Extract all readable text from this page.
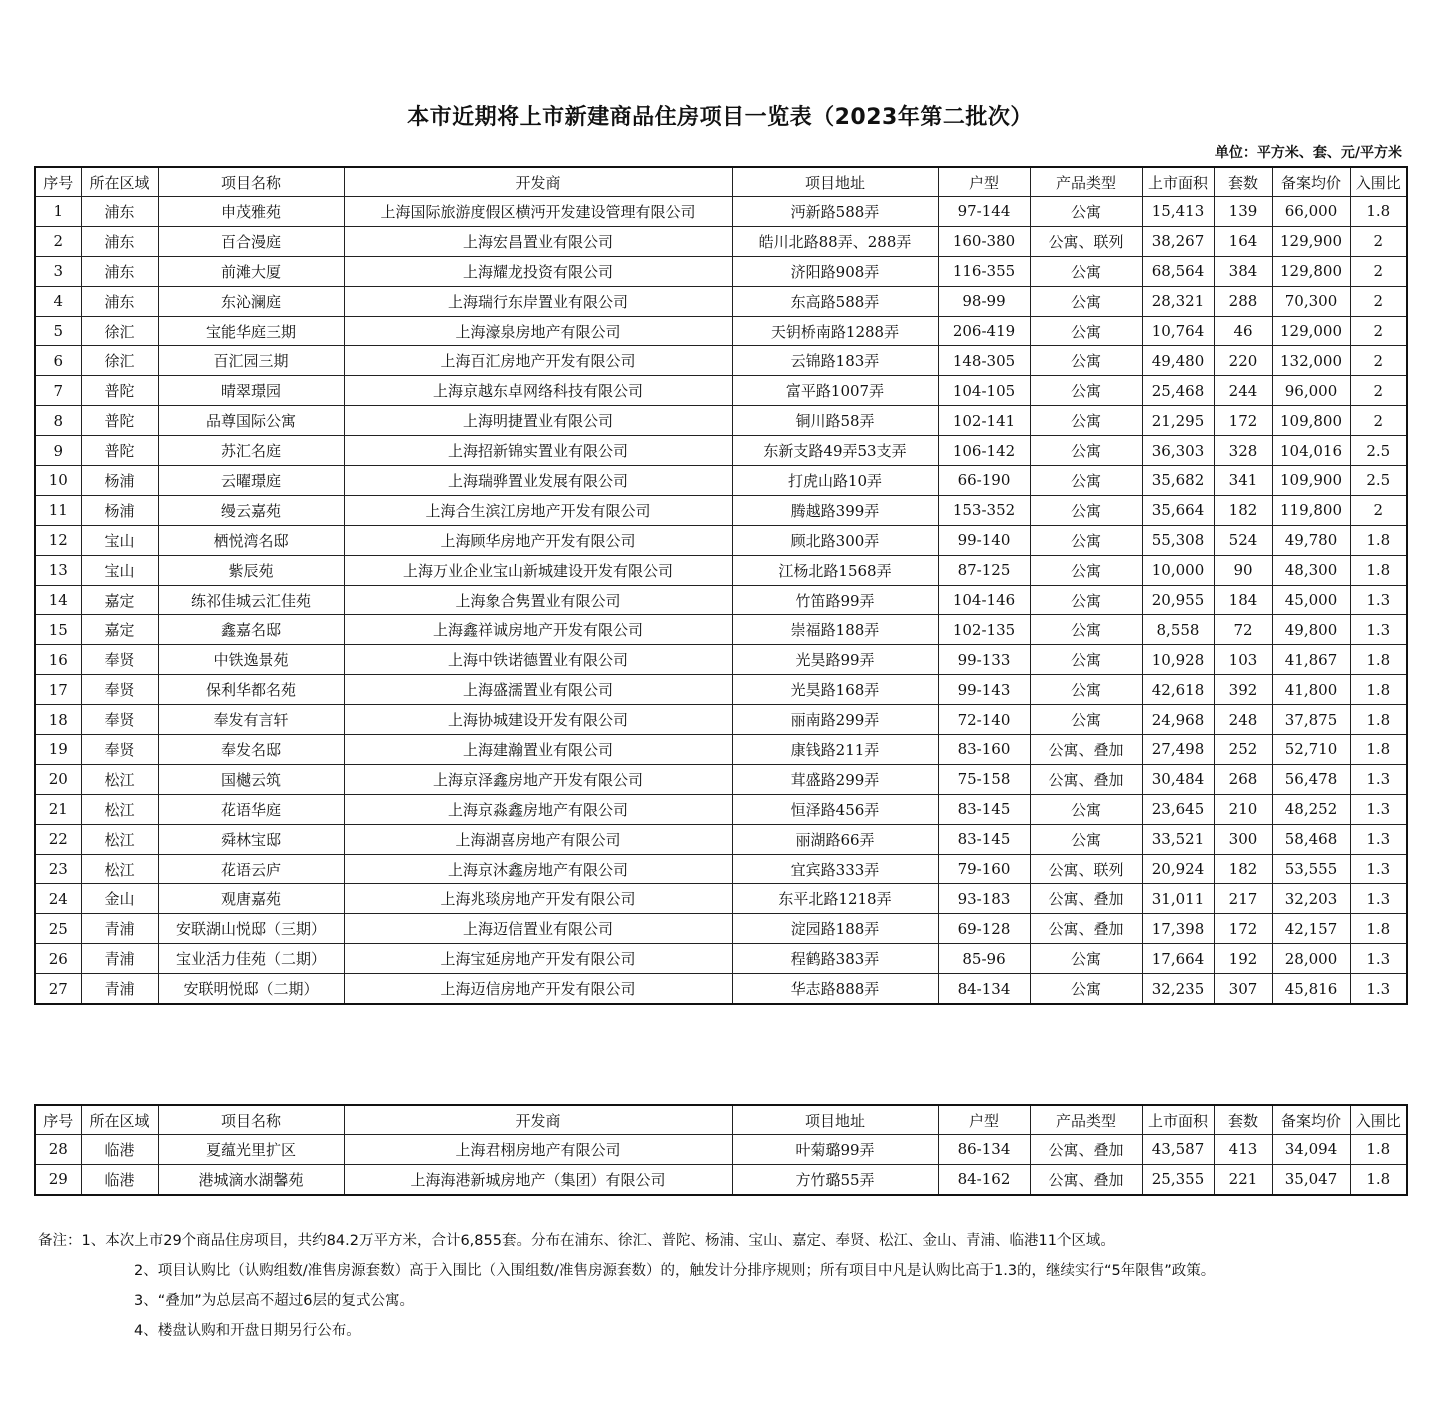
本市近期将上市新建商品住房项目一览表（2023年第二批次）
单位：平方米、套、元/平方米
序号	所在区域	项目名称	开发商	项目地址	户型	产品类型	上市面积	套数	备案均价	入围比
1	浦东	申茂雅苑	上海国际旅游度假区横沔开发建设管理有限公司	沔新路588弄	97-144	公寓	15,413	139	66,000	1.8
2	浦东	百合漫庭	上海宏昌置业有限公司	皓川北路88弄、288弄	160-380	公寓、联列	38,267	164	129,900	2
3	浦东	前滩大厦	上海耀龙投资有限公司	济阳路908弄	116-355	公寓	68,564	384	129,800	2
4	浦东	东沁澜庭	上海瑞行东岸置业有限公司	东高路588弄	98-99	公寓	28,321	288	70,300	2
5	徐汇	宝能华庭三期	上海濠泉房地产有限公司	天钥桥南路1288弄	206-419	公寓	10,764	46	129,000	2
6	徐汇	百汇园三期	上海百汇房地产开发有限公司	云锦路183弄	148-305	公寓	49,480	220	132,000	2
7	普陀	晴翠璟园	上海京越东卓网络科技有限公司	富平路1007弄	104-105	公寓	25,468	244	96,000	2
8	普陀	品尊国际公寓	上海明捷置业有限公司	铜川路58弄	102-141	公寓	21,295	172	109,800	2
9	普陀	苏汇名庭	上海招新锦实置业有限公司	东新支路49弄53支弄	106-142	公寓	36,303	328	104,016	2.5
10	杨浦	云曜璟庭	上海瑞骅置业发展有限公司	打虎山路10弄	66-190	公寓	35,682	341	109,900	2.5
11	杨浦	缦云嘉苑	上海合生滨江房地产开发有限公司	腾越路399弄	153-352	公寓	35,664	182	119,800	2
12	宝山	栖悦湾名邸	上海顾华房地产开发有限公司	顾北路300弄	99-140	公寓	55,308	524	49,780	1.8
13	宝山	紫辰苑	上海万业企业宝山新城建设开发有限公司	江杨北路1568弄	87-125	公寓	10,000	90	48,300	1.8
14	嘉定	练祁佳城云汇佳苑	上海象合隽置业有限公司	竹笛路99弄	104-146	公寓	20,955	184	45,000	1.3
15	嘉定	鑫嘉名邸	上海鑫祥诚房地产开发有限公司	崇福路188弄	102-135	公寓	8,558	72	49,800	1.3
16	奉贤	中铁逸景苑	上海中铁诺德置业有限公司	光昊路99弄	99-133	公寓	10,928	103	41,867	1.8
17	奉贤	保利华都名苑	上海盛濡置业有限公司	光昊路168弄	99-143	公寓	42,618	392	41,800	1.8
18	奉贤	奉发有言轩	上海协城建设开发有限公司	丽南路299弄	72-140	公寓	24,968	248	37,875	1.8
19	奉贤	奉发名邸	上海建瀚置业有限公司	康钱路211弄	83-160	公寓、叠加	27,498	252	52,710	1.8
20	松江	国樾云筑	上海京泽鑫房地产开发有限公司	茸盛路299弄	75-158	公寓、叠加	30,484	268	56,478	1.3
21	松江	花语华庭	上海京淼鑫房地产有限公司	恒泽路456弄	83-145	公寓	23,645	210	48,252	1.3
22	松江	舜林宝邸	上海湖喜房地产有限公司	丽湖路66弄	83-145	公寓	33,521	300	58,468	1.3
23	松江	花语云庐	上海京沐鑫房地产有限公司	宜宾路333弄	79-160	公寓、联列	20,924	182	53,555	1.3
24	金山	观唐嘉苑	上海兆琰房地产开发有限公司	东平北路1218弄	93-183	公寓、叠加	31,011	217	32,203	1.3
25	青浦	安联湖山悦邸（三期）	上海迈信置业有限公司	淀园路188弄	69-128	公寓、叠加	17,398	172	42,157	1.8
26	青浦	宝业活力佳苑（二期）	上海宝延房地产开发有限公司	程鹤路383弄	85-96	公寓	17,664	192	28,000	1.3
27	青浦	安联明悦邸（二期）	上海迈信房地产开发有限公司	华志路888弄	84-134	公寓	32,235	307	45,816	1.3
序号	所在区域	项目名称	开发商	项目地址	户型	产品类型	上市面积	套数	备案均价	入围比
28	临港	夏蕴光里扩区	上海君栩房地产有限公司	叶菊璐99弄	86-134	公寓、叠加	43,587	413	34,094	1.8
29	临港	港城滴水湖馨苑	上海海港新城房地产（集团）有限公司	方竹璐55弄	84-162	公寓、叠加	25,355	221	35,047	1.8
备注：1、本次上市29个商品住房项目，共约84.2万平方米，合计6,855套。分布在浦东、徐汇、普陀、杨浦、宝山、嘉定、奉贤、松江、金山、青浦、临港11个区域。
2、项目认购比（认购组数/准售房源套数）高于入围比（入围组数/准售房源套数）的，触发计分排序规则；所有项目中凡是认购比高于1.3的，继续实行“5年限售”政策。
3、“叠加”为总层高不超过6层的复式公寓。
4、楼盘认购和开盘日期另行公布。
